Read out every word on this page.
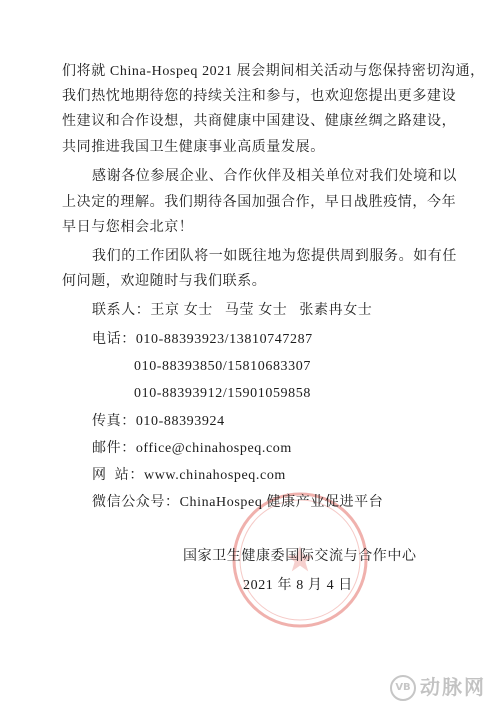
们将就 China-Hospeq 2021 展会期间相关活动与您保持密切沟通，
我们热忱地期待您的持续关注和参与，也欢迎您提出更多建设
性建议和合作设想，共商健康中国建设、健康丝绸之路建设，
共同推进我国卫生健康事业高质量发展。
感谢各位参展企业、合作伙伴及相关单位对我们处境和以
上决定的理解。我们期待各国加强合作，早日战胜疫情，今年
早日与您相会北京！
我们的工作团队将一如既往地为您提供周到服务。如有任
何问题，欢迎随时与我们联系。
联系人：王京 女士 马莹 女士 张素冉女士
电话：010-88393923/13810747287
010-88393850/15810683307
010-88393912/15901059858
传真：010-88393924
邮件：office@chinahospeq.com
网  站：www.chinahospeq.com
微信公众号：ChinaHospeq 健康产业促进平台
国家卫生健康委国际交流与合作中心
2021 年 8 月 4 日
VB 动脉网
